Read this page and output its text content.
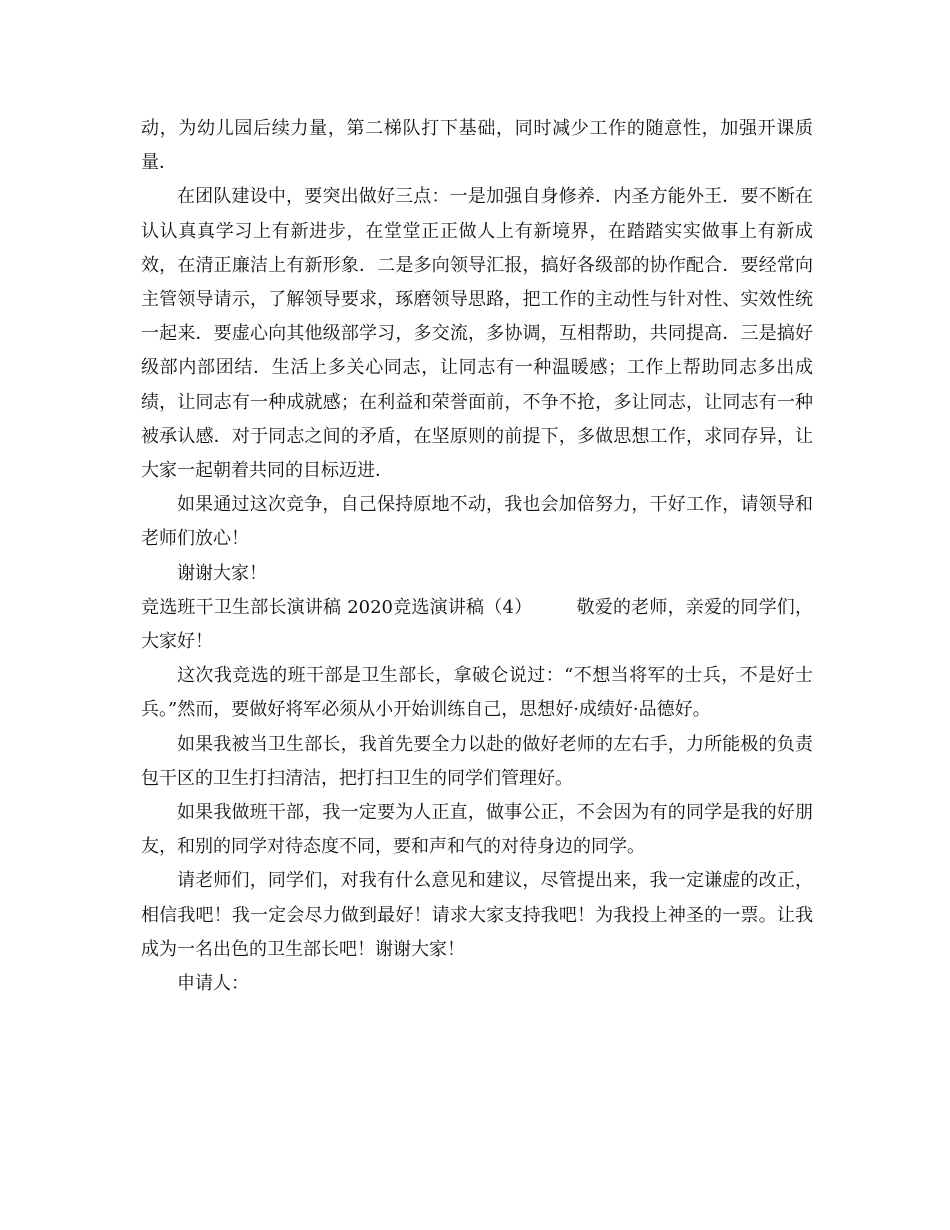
动，为幼儿园后续力量，第二梯队打下基础，同时减少工作的随意性，加强开课质量．

在团队建设中，要突出做好三点：一是加强自身修养．内圣方能外王．要不断在认认真真学习上有新进步，在堂堂正正做人上有新境界，在踏踏实实做事上有新成效，在清正廉洁上有新形象．二是多向领导汇报，搞好各级部的协作配合．要经常向主管领导请示，了解领导要求，琢磨领导思路，把工作的主动性与针对性、实效性统一起来．要虚心向其他级部学习，多交流，多协调，互相帮助，共同提高．三是搞好级部内部团结．生活上多关心同志，让同志有一种温暖感；工作上帮助同志多出成绩，让同志有一种成就感；在利益和荣誉面前，不争不抢，多让同志，让同志有一种被承认感．对于同志之间的矛盾，在坚原则的前提下，多做思想工作，求同存异，让大家一起朝着共同的目标迈进．

如果通过这次竞争，自己保持原地不动，我也会加倍努力，干好工作，请领导和老师们放心！

谢谢大家！

竞选班干卫生部长演讲稿 2020竞选演讲稿（4） 敬爱的老师，亲爱的同学们，大家好！

这次我竞选的班干部是卫生部长，拿破仑说过：“不想当将军的士兵，不是好士兵。”然而，要做好将军必须从小开始训练自己，思想好·成绩好·品德好。

如果我被当卫生部长，我首先要全力以赴的做好老师的左右手，力所能极的负责包干区的卫生打扫清洁，把打扫卫生的同学们管理好。

如果我做班干部，我一定要为人正直，做事公正，不会因为有的同学是我的好朋友，和别的同学对待态度不同，要和声和气的对待身边的同学。

请老师们，同学们，对我有什么意见和建议，尽管提出来，我一定谦虚的改正，相信我吧！我一定会尽力做到最好！请求大家支持我吧！为我投上神圣的一票。让我成为一名出色的卫生部长吧！谢谢大家！

申请人：
